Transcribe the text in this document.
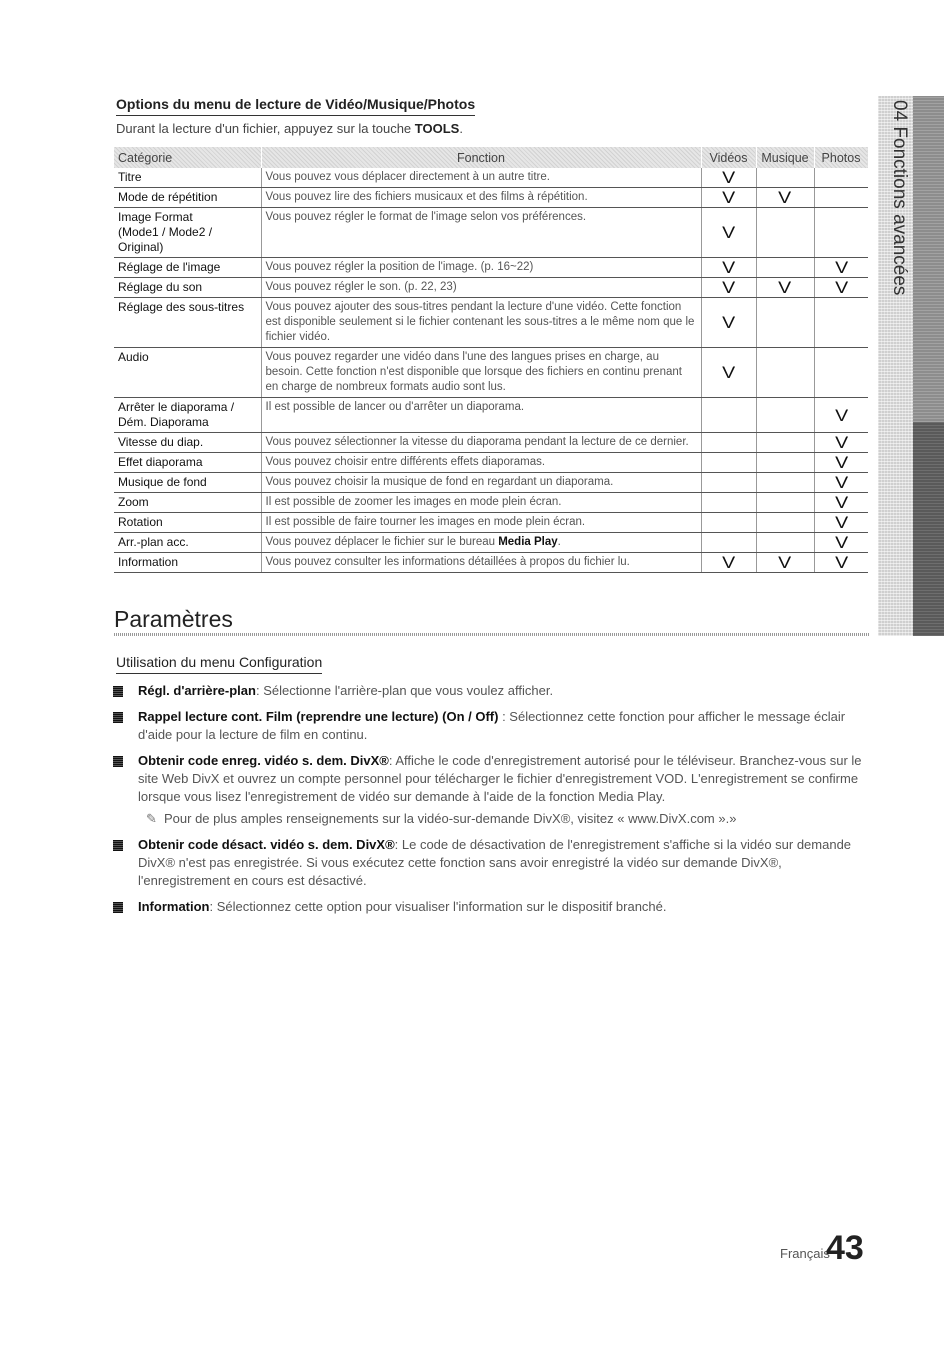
Options du menu de lecture de Vidéo/Musique/Photos
Durant la lecture d'un fichier, appuyez sur la touche TOOLS.
Catégorie	Fonction	Vidéos	Musique	Photos
Titre	Vous pouvez vous déplacer directement à un autre titre.	V		
Mode de répétition	Vous pouvez lire des fichiers musicaux et des films à répétition.	V	V	
Image Format
(Mode1 / Mode2 / Original)	Vous pouvez régler le format de l'image selon vos préférences.	V		
Réglage de l'image	Vous pouvez régler la position de l'image. (p. 16~22)	V		V
Réglage du son	Vous pouvez régler le son. (p. 22, 23)	V	V	V
Réglage des sous-titres	Vous pouvez ajouter des sous-titres pendant la lecture d'une vidéo. Cette fonction est disponible seulement si le fichier contenant les sous-titres a le même nom que le fichier vidéo.	V		
Audio	Vous pouvez regarder une vidéo dans l'une des langues prises en charge, au besoin. Cette fonction n'est disponible que lorsque des fichiers en continu prenant en charge de nombreux formats audio sont lus.	V		
Arrêter le diaporama /
Dém. Diaporama	Il est possible de lancer ou d'arrêter un diaporama.			V
Vitesse du diap.	Vous pouvez sélectionner la vitesse du diaporama pendant la lecture de ce dernier.			V
Effet diaporama	Vous pouvez choisir entre différents effets diaporamas.			V
Musique de fond	Vous pouvez choisir la musique de fond en regardant un diaporama.			V
Zoom	Il est possible de zoomer les images en mode plein écran.			V
Rotation	Il est possible de faire tourner les images en mode plein écran.			V
Arr.-plan acc.	Vous pouvez déplacer le fichier sur le bureau Media Play.			V
Information	Vous pouvez consulter les informations détaillées à propos du fichier lu.	V	V	V
04 Fonctions avancées
Paramètres
Utilisation du menu Configuration
Régl. d'arrière-plan: Sélectionne l'arrière-plan que vous voulez afficher.
Rappel lecture cont. Film (reprendre une lecture) (On / Off) : Sélectionnez cette fonction pour afficher le message éclair d'aide pour la lecture de film en continu.
Obtenir code enreg. vidéo s. dem. DivX®: Affiche le code d'enregistrement autorisé pour le téléviseur. Branchez-vous sur le site Web DivX et ouvrez un compte personnel pour télécharger le fichier d'enregistrement VOD. L'enregistrement se confirme lorsque vous lisez l'enregistrement de vidéo sur demande à l'aide de la fonction Media Play.
✎ Pour de plus amples renseignements sur la vidéo-sur-demande DivX®, visitez « www.DivX.com ».»
Obtenir code désact. vidéo s. dem. DivX®: Le code de désactivation de l'enregistrement s'affiche si la vidéo sur demande DivX® n'est pas enregistrée. Si vous exécutez cette fonction sans avoir enregistré la vidéo sur demande DivX®, l'enregistrement en cours est désactivé.
Information: Sélectionnez cette option pour visualiser l'information sur le dispositif branché.
Français
43
